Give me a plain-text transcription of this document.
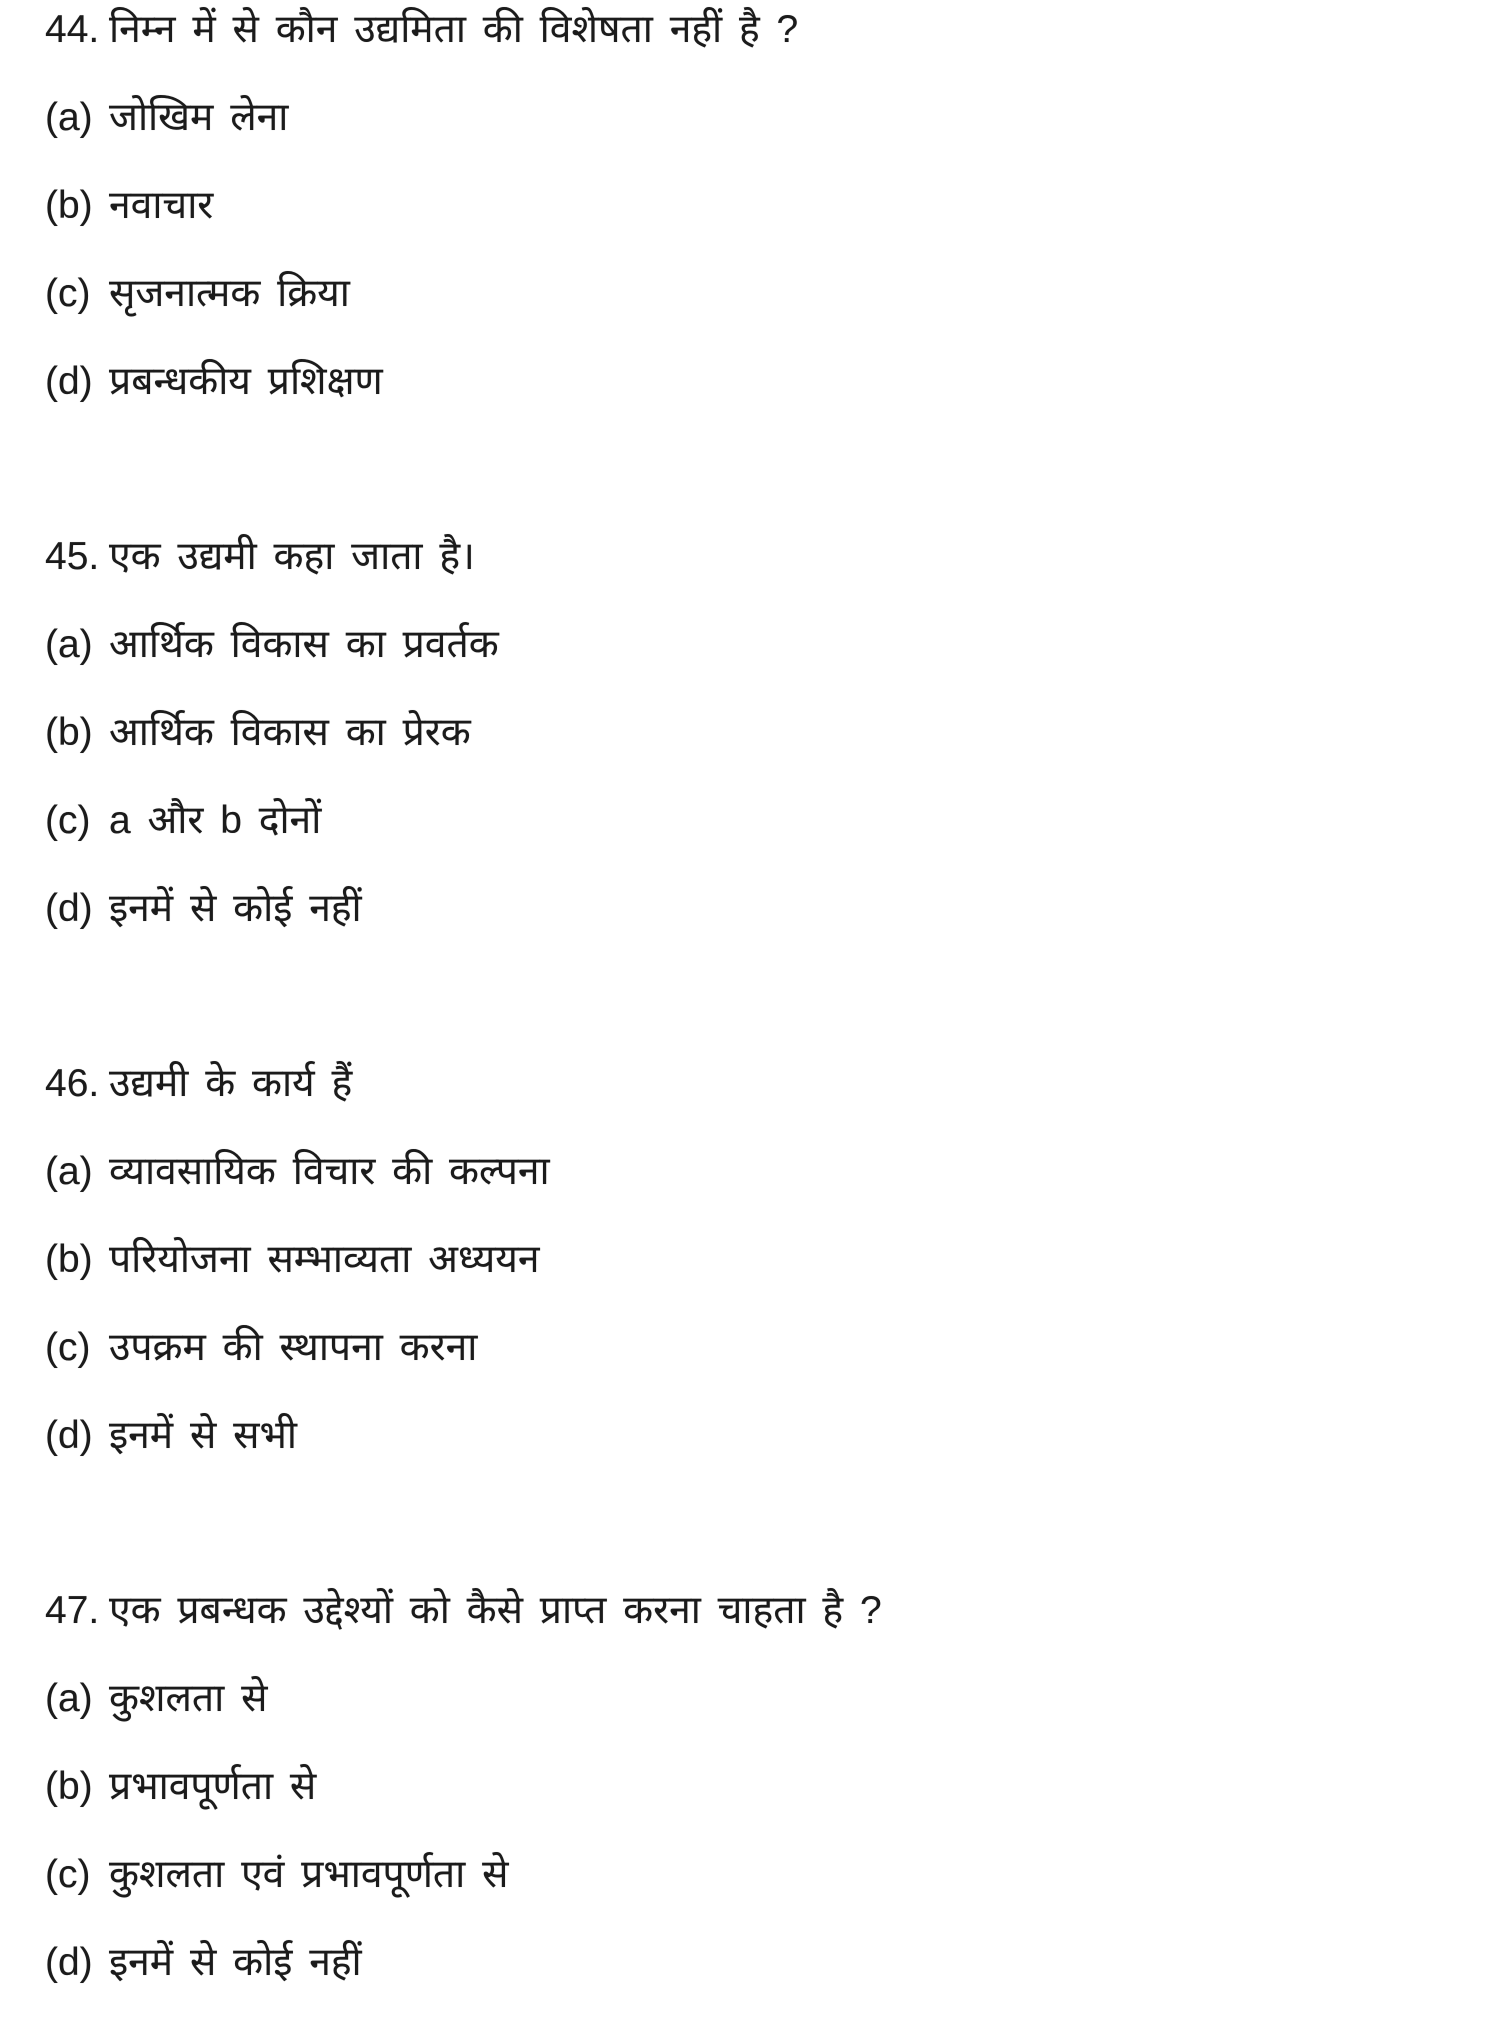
44. निम्न में से कौन उद्यमिता की विशेषता नहीं है ?
(a) जोखिम लेना
(b) नवाचार
(c) सृजनात्मक क्रिया
(d) प्रबन्धकीय प्रशिक्षण
45. एक उद्यमी कहा जाता है।
(a) आर्थिक विकास का प्रवर्तक
(b) आर्थिक विकास का प्रेरक
(c) a और b दोनों
(d) इनमें से कोई नहीं
46. उद्यमी के कार्य हैं
(a) व्यावसायिक विचार की कल्पना
(b) परियोजना सम्भाव्यता अध्ययन
(c) उपक्रम की स्थापना करना
(d) इनमें से सभी
47. एक प्रबन्धक उद्देश्यों को कैसे प्राप्त करना चाहता है ?
(a) कुशलता से
(b) प्रभावपूर्णता से
(c) कुशलता एवं प्रभावपूर्णता से
(d) इनमें से कोई नहीं
